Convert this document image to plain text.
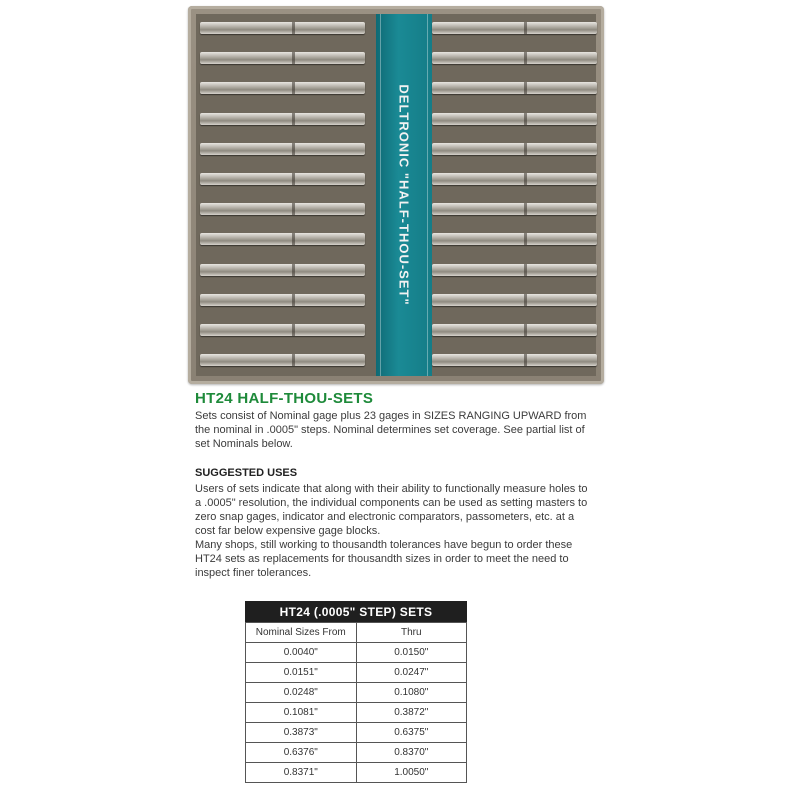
DELTRONIC "HALF-THOU-SET"
HT24 HALF-THOU-SETS
Sets consist of Nominal gage plus 23 gages in SIZES RANGING UPWARD from the nominal in .0005" steps. Nominal determines set coverage. See partial list of set Nominals below.
SUGGESTED USES

Users of sets indicate that along with their ability to functionally measure holes to a .0005" resolution, the individual components can be used as setting masters to zero snap gages, indicator and electronic comparators, passometers, etc. at a cost far below expensive gage blocks.

Many shops, still working to thousandth tolerances have begun to order these HT24 sets as replacements for thousandth sizes in order to meet the need to inspect finer tolerances.

HT24 (.0005" STEP) SETS
Nominal Sizes From	Thru
0.0040"	0.0150"
0.0151"	0.0247"
0.0248"	0.1080"
0.1081"	0.3872"
0.3873"	0.6375"
0.6376"	0.8370"
0.8371"	1.0050"
